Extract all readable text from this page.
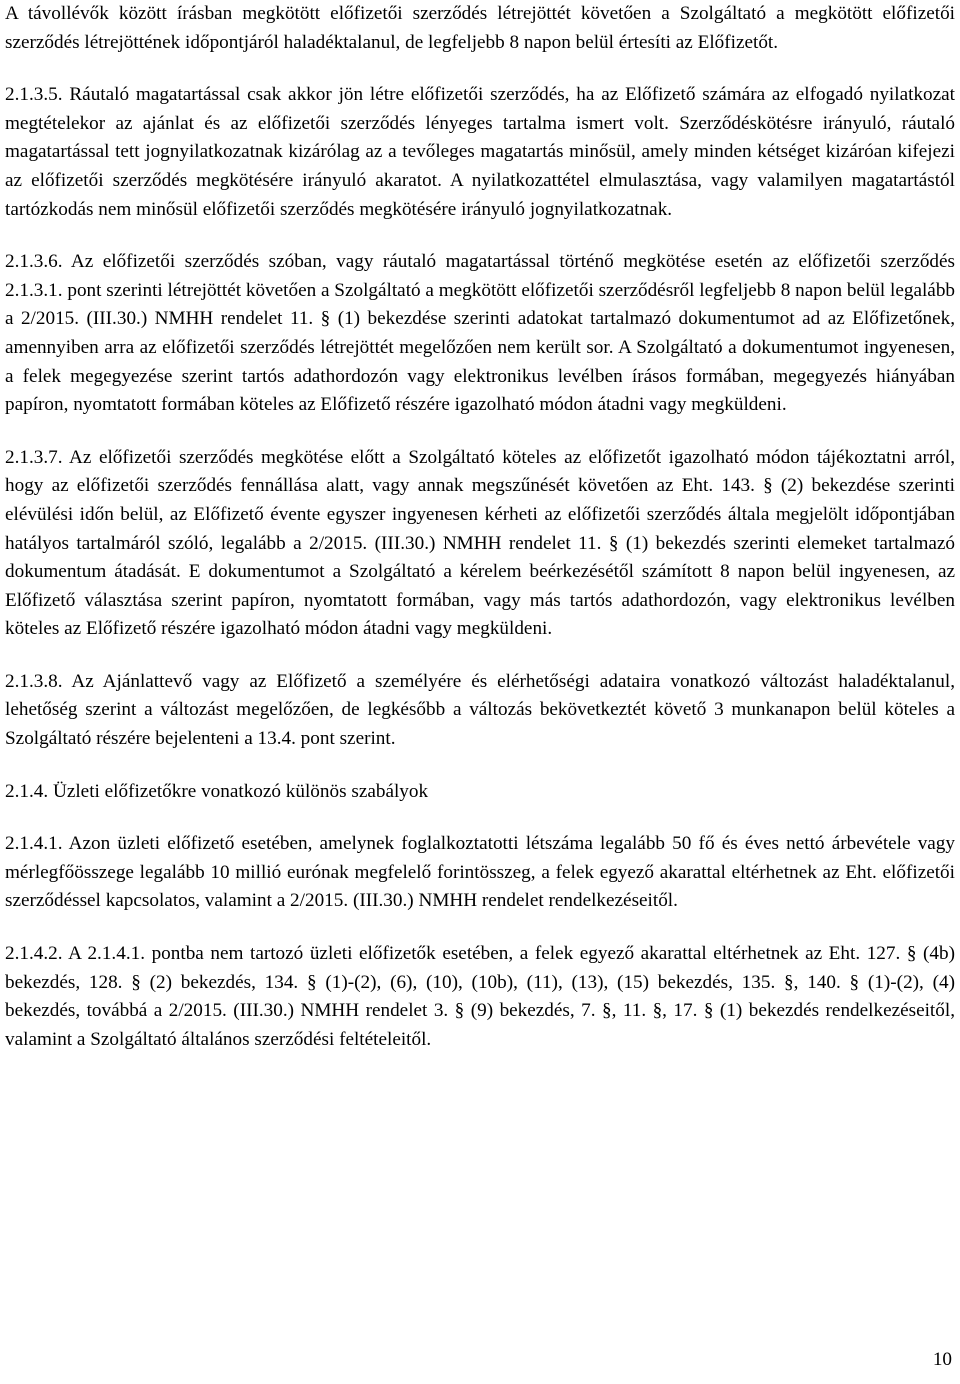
A távollévők között írásban megkötött előfizetői szerződés létrejöttét követően a Szolgáltató a megkötött előfizetői szerződés létrejöttének időpontjáról haladéktalanul, de legfeljebb 8 napon belül értesíti az Előfizetőt.

2.1.3.5. Ráutaló magatartással csak akkor jön létre előfizetői szerződés, ha az Előfizető számára az elfogadó nyilatkozat megtételekor az ajánlat és az előfizetői szerződés lényeges tartalma ismert volt. Szerződéskötésre irányuló, ráutaló magatartással tett jognyilatkozatnak kizárólag az a tevőleges magatartás minősül, amely minden kétséget kizáróan kifejezi az előfizetői szerződés megkötésére irányuló akaratot. A nyilatkozattétel elmulasztása, vagy valamilyen magatartástól tartózkodás nem minősül előfizetői szerződés megkötésére irányuló jognyilatkozatnak.

2.1.3.6. Az előfizetői szerződés szóban, vagy ráutaló magatartással történő megkötése esetén az előfizetői szerződés 2.1.3.1. pont szerinti létrejöttét követően a Szolgáltató a megkötött előfizetői szerződésről legfeljebb 8 napon belül legalább a 2/2015. (III.30.) NMHH rendelet 11. § (1) bekezdése szerinti adatokat tartalmazó dokumentumot ad az Előfizetőnek, amennyiben arra az előfizetői szerződés létrejöttét megelőzően nem került sor. A Szolgáltató a dokumentumot ingyenesen, a felek megegyezése szerint tartós adathordozón vagy elektronikus levélben írásos formában, megegyezés hiányában papíron, nyomtatott formában köteles az Előfizető részére igazolható módon átadni vagy megküldeni.

2.1.3.7. Az előfizetői szerződés megkötése előtt a Szolgáltató köteles az előfizetőt igazolható módon tájékoztatni arról, hogy az előfizetői szerződés fennállása alatt, vagy annak megszűnését követően az Eht. 143. § (2) bekezdése szerinti elévülési időn belül, az Előfizető évente egyszer ingyenesen kérheti az előfizetői szerződés általa megjelölt időpontjában hatályos tartalmáról szóló, legalább a 2/2015. (III.30.) NMHH rendelet 11. § (1) bekezdés szerinti elemeket tartalmazó dokumentum átadását. E dokumentumot a Szolgáltató a kérelem beérkezésétől számított 8 napon belül ingyenesen, az Előfizető választása szerint papíron, nyomtatott formában, vagy más tartós adathordozón, vagy elektronikus levélben köteles az Előfizető részére igazolható módon átadni vagy megküldeni.

2.1.3.8. Az Ajánlattevő vagy az Előfizető a személyére és elérhetőségi adataira vonatkozó változást haladéktalanul, lehetőség szerint a változást megelőzően, de legkésőbb a változás bekövetkeztét követő 3 munkanapon belül köteles a Szolgáltató részére bejelenteni a 13.4. pont szerint.

2.1.4. Üzleti előfizetőkre vonatkozó különös szabályok

2.1.4.1. Azon üzleti előfizető esetében, amelynek foglalkoztatotti létszáma legalább 50 fő és éves nettó árbevétele vagy mérlegfőösszege legalább 10 millió eurónak megfelelő forintösszeg, a felek egyező akarattal eltérhetnek az Eht. előfizetői szerződéssel kapcsolatos, valamint a 2/2015. (III.30.) NMHH rendelet rendelkezéseitől.

2.1.4.2. A 2.1.4.1. pontba nem tartozó üzleti előfizetők esetében, a felek egyező akarattal eltérhetnek az Eht. 127. § (4b) bekezdés, 128. § (2) bekezdés, 134. § (1)-(2), (6), (10), (10b), (11), (13), (15) bekezdés, 135. §, 140. § (1)-(2), (4) bekezdés, továbbá a 2/2015. (III.30.) NMHH rendelet 3. § (9) bekezdés, 7. §, 11. §, 17. § (1) bekezdés rendelkezéseitől, valamint a Szolgáltató általános szerződési feltételeitől.

10
